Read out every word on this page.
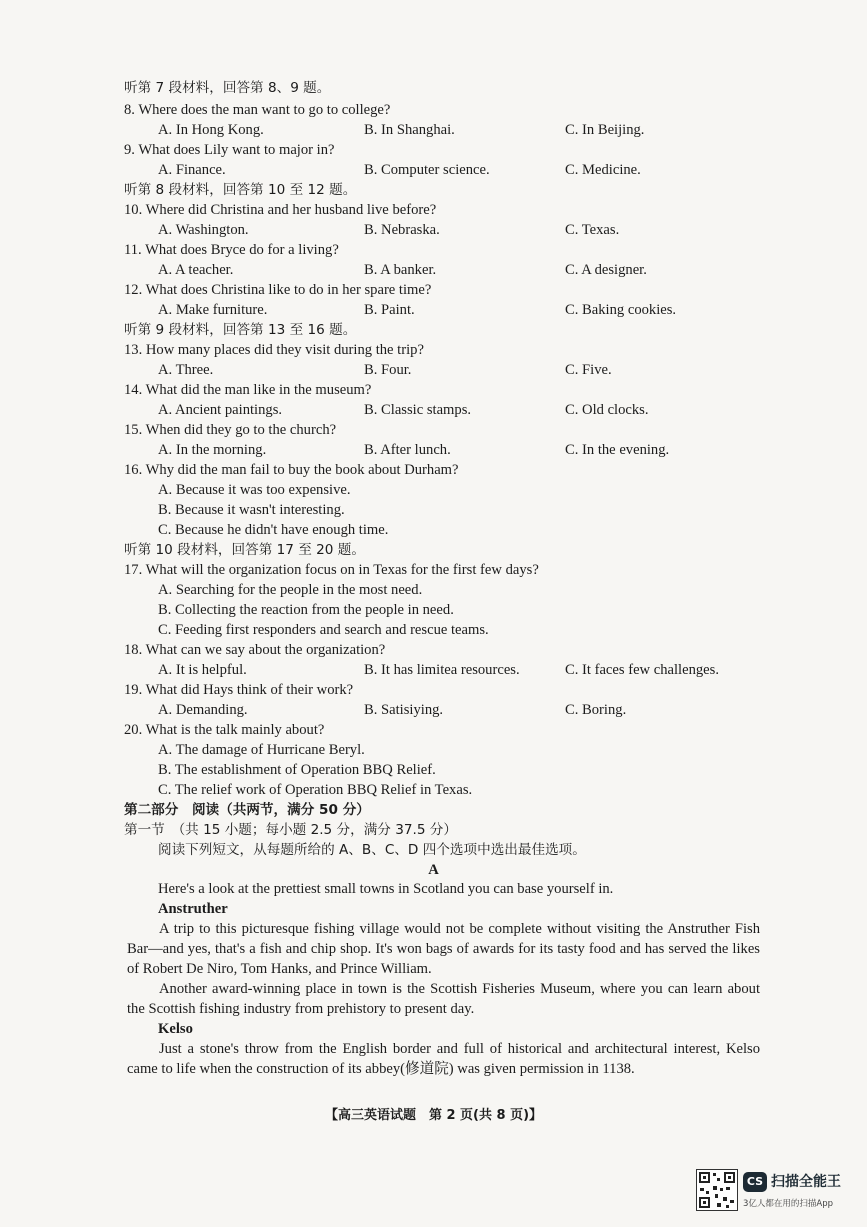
听第 7 段材料，回答第 8、9 题。
8. Where does the man want to go to college?
A. In Hong Kong.	B. In Shanghai.	C. In Beijing.
9. What does Lily want to major in?
A. Finance.	B. Computer science.	C. Medicine.
听第 8 段材料，回答第 10 至 12 题。
10. Where did Christina and her husband live before?
A. Washington.	B. Nebraska.	C. Texas.
11. What does Bryce do for a living?
A. A teacher.	B. A banker.	C. A designer.
12. What does Christina like to do in her spare time?
A. Make furniture.	B. Paint.	C. Baking cookies.
听第 9 段材料，回答第 13 至 16 题。
13. How many places did they visit during the trip?
A. Three.	B. Four.	C. Five.
14. What did the man like in the museum?
A. Ancient paintings.	B. Classic stamps.	C. Old clocks.
15. When did they go to the church?
A. In the morning.	B. After lunch.	C. In the evening.
16. Why did the man fail to buy the book about Durham?
A. Because it was too expensive.
B. Because it wasn't interesting.
C. Because he didn't have enough time.
听第 10 段材料，回答第 17 至 20 题。
17. What will the organization focus on in Texas for the first few days?
A. Searching for the people in the most need.
B. Collecting the reaction from the people in need.
C. Feeding first responders and search and rescue teams.
18. What can we say about the organization?
A. It is helpful.	B. It has limitea resources.	C. It faces few challenges.
19. What did Hays think of their work?
A. Demanding.	B. Satisiying.	C. Boring.
20. What is the talk mainly about?
A. The damage of Hurricane Beryl.
B. The establishment of Operation BBQ Relief.
C. The relief work of Operation BBQ Relief in Texas.
第二部分　阅读（共两节，满分 50 分）
第一节　（共 15 小题；每小题 2.5 分，满分 37.5 分）
阅读下列短文，从每题所给的 A、B、C、D 四个选项中选出最佳选项。
A
Here's a look at the prettiest small towns in Scotland you can base yourself in.
Anstruther

A trip to this picturesque fishing village would not be complete without visiting the Anstruther Fish Bar—and yes, that's a fish and chip shop. It's won bags of awards for its tasty food and has served the likes of Robert De Niro, Tom Hanks, and Prince William.

Another award-winning place in town is the Scottish Fisheries Museum, where you can learn about the Scottish fishing industry from prehistory to present day.

Kelso

Just a stone's throw from the English border and full of historical and architectural interest, Kelso came to life when the construction of its abbey(修道院) was given permission in 1138.

【高三英语试题　第 2 页(共 8 页)】
CS 扫描全能王
3亿人都在用的扫描App
